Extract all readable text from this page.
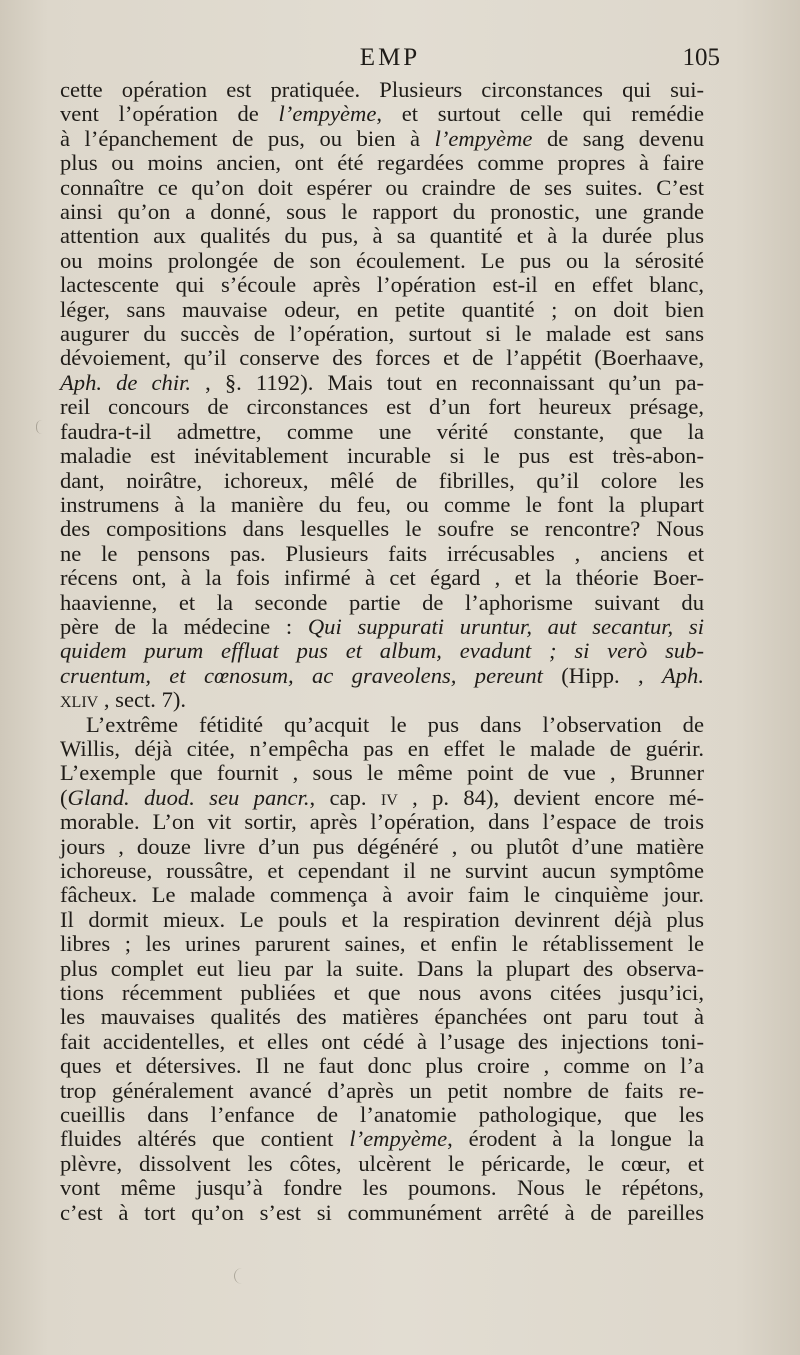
EMP	105
cette opération est pratiquée. Plusieurs circonstances qui sui-
vent l’opération de l’empyème, et surtout celle qui remédie
à l’épanchement de pus, ou bien à l’empyème de sang devenu
plus ou moins ancien, ont été regardées comme propres à faire
connaître ce qu’on doit espérer ou craindre de ses suites. C’est
ainsi qu’on a donné, sous le rapport du pronostic, une grande
attention aux qualités du pus, à sa quantité et à la durée plus
ou moins prolongée de son écoulement. Le pus ou la sérosité
lactescente qui s’écoule après l’opération est-il en effet blanc,
léger, sans mauvaise odeur, en petite quantité ; on doit bien
augurer du succès de l’opération, surtout si le malade est sans
dévoiement, qu’il conserve des forces et de l’appétit (Boerhaave,
Aph. de chir. , §. 1192). Mais tout en reconnaissant qu’un pa-
reil concours de circonstances est d’un fort heureux présage,
faudra-t-il admettre, comme une vérité constante, que la
maladie est inévitablement incurable si le pus est très-abon-
dant, noirâtre, ichoreux, mêlé de fibrilles, qu’il colore les
instrumens à la manière du feu, ou comme le font la plupart
des compositions dans lesquelles le soufre se rencontre? Nous
ne le pensons pas. Plusieurs faits irrécusables , anciens et
récens ont, à la fois infirmé à cet égard , et la théorie Boer-
haavienne, et la seconde partie de l’aphorisme suivant du
père de la médecine : Qui suppurati uruntur, aut secantur, si
quidem purum effluat pus et album, evadunt ; si verò sub-
cruentum, et cœnosum, ac graveolens, pereunt (Hipp. , Aph.
xliv , sect. 7).
L’extrême fétidité qu’acquit le pus dans l’observation de
Willis, déjà citée, n’empêcha pas en effet le malade de guérir.
L’exemple que fournit , sous le même point de vue , Brunner
(Gland. duod. seu pancr., cap. iv , p. 84), devient encore mé-
morable. L’on vit sortir, après l’opération, dans l’espace de trois
jours , douze livre d’un pus dégénéré , ou plutôt d’une matière
ichoreuse, roussâtre, et cependant il ne survint aucun symptôme
fâcheux. Le malade commença à avoir faim le cinquième jour.
Il dormit mieux. Le pouls et la respiration devinrent déjà plus
libres ; les urines parurent saines, et enfin le rétablissement le
plus complet eut lieu par la suite. Dans la plupart des observa-
tions récemment publiées et que nous avons citées jusqu’ici,
les mauvaises qualités des matières épanchées ont paru tout à
fait accidentelles, et elles ont cédé à l’usage des injections toni-
ques et détersives. Il ne faut donc plus croire , comme on l’a
trop généralement avancé d’après un petit nombre de faits re-
cueillis dans l’enfance de l’anatomie pathologique, que les
fluides altérés que contient l’empyème, érodent à la longue la
plèvre, dissolvent les côtes, ulcèrent le péricarde, le cœur, et
vont même jusqu’à fondre les poumons. Nous le répétons,
c’est à tort qu’on s’est si communément arrêté à de pareilles
